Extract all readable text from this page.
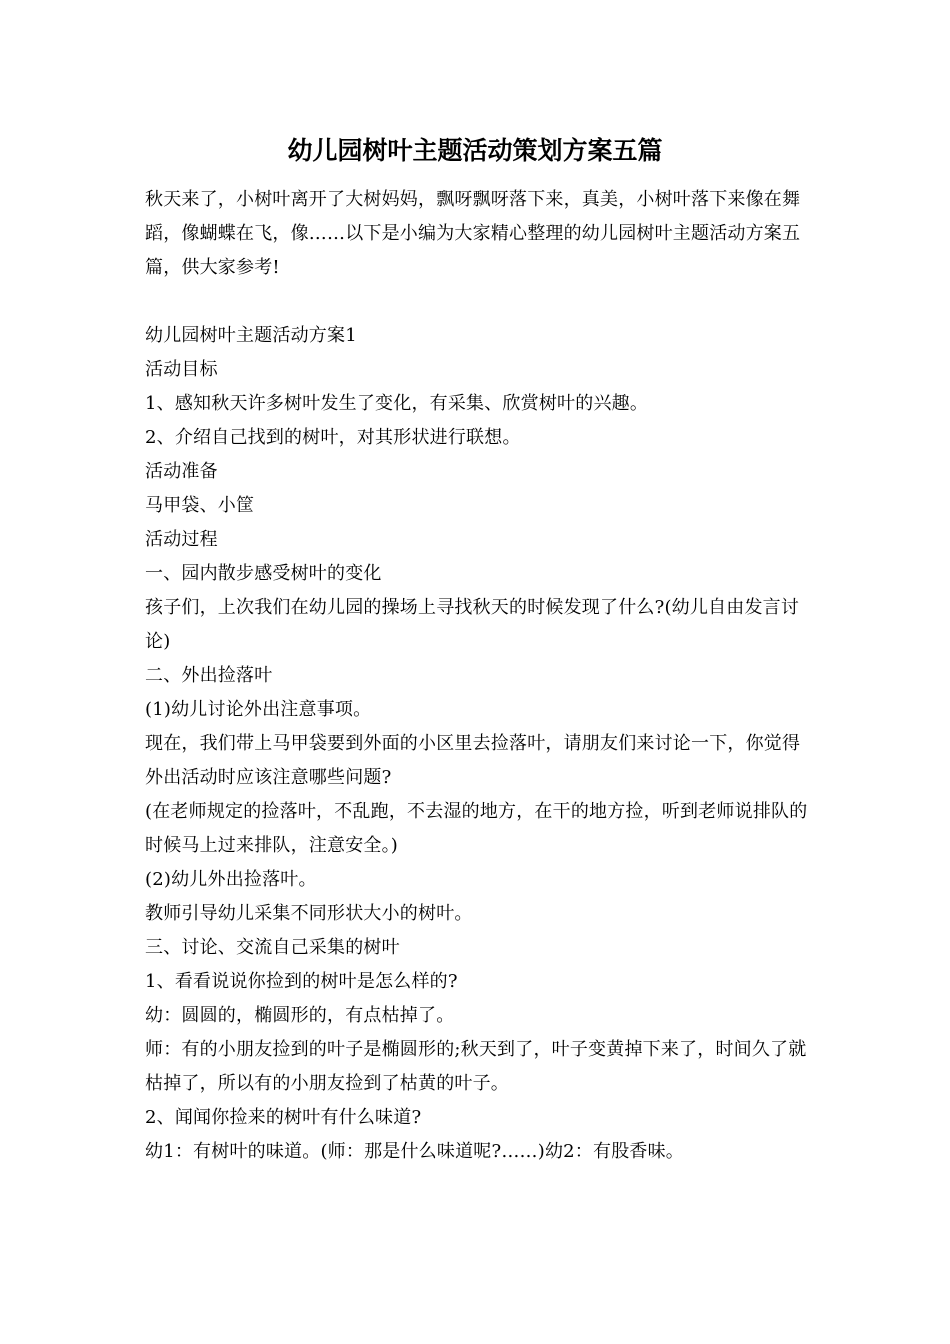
幼儿园树叶主题活动策划方案五篇

秋天来了，小树叶离开了大树妈妈，飘呀飘呀落下来，真美，小树叶落下来像在舞蹈，像蝴蝶在飞，像……以下是小编为大家精心整理的幼儿园树叶主题活动方案五篇，供大家参考!

幼儿园树叶主题活动方案1

活动目标

1、感知秋天许多树叶发生了变化，有采集、欣赏树叶的兴趣。

2、介绍自己找到的树叶，对其形状进行联想。

活动准备

马甲袋、小筐

活动过程

一、园内散步感受树叶的变化

孩子们，上次我们在幼儿园的操场上寻找秋天的时候发现了什么?(幼儿自由发言讨论)

二、外出捡落叶

(1)幼儿讨论外出注意事项。

现在，我们带上马甲袋要到外面的小区里去捡落叶，请朋友们来讨论一下，你觉得外出活动时应该注意哪些问题?

(在老师规定的捡落叶，不乱跑，不去湿的地方，在干的地方捡，听到老师说排队的时候马上过来排队，注意安全。)

(2)幼儿外出捡落叶。

教师引导幼儿采集不同形状大小的树叶。

三、讨论、交流自己采集的树叶

1、看看说说你捡到的树叶是怎么样的?

幼：圆圆的，椭圆形的，有点枯掉了。

师：有的小朋友捡到的叶子是椭圆形的;秋天到了，叶子变黄掉下来了，时间久了就枯掉了，所以有的小朋友捡到了枯黄的叶子。

2、闻闻你捡来的树叶有什么味道?

幼1：有树叶的味道。(师：那是什么味道呢?……)幼2：有股香味。
